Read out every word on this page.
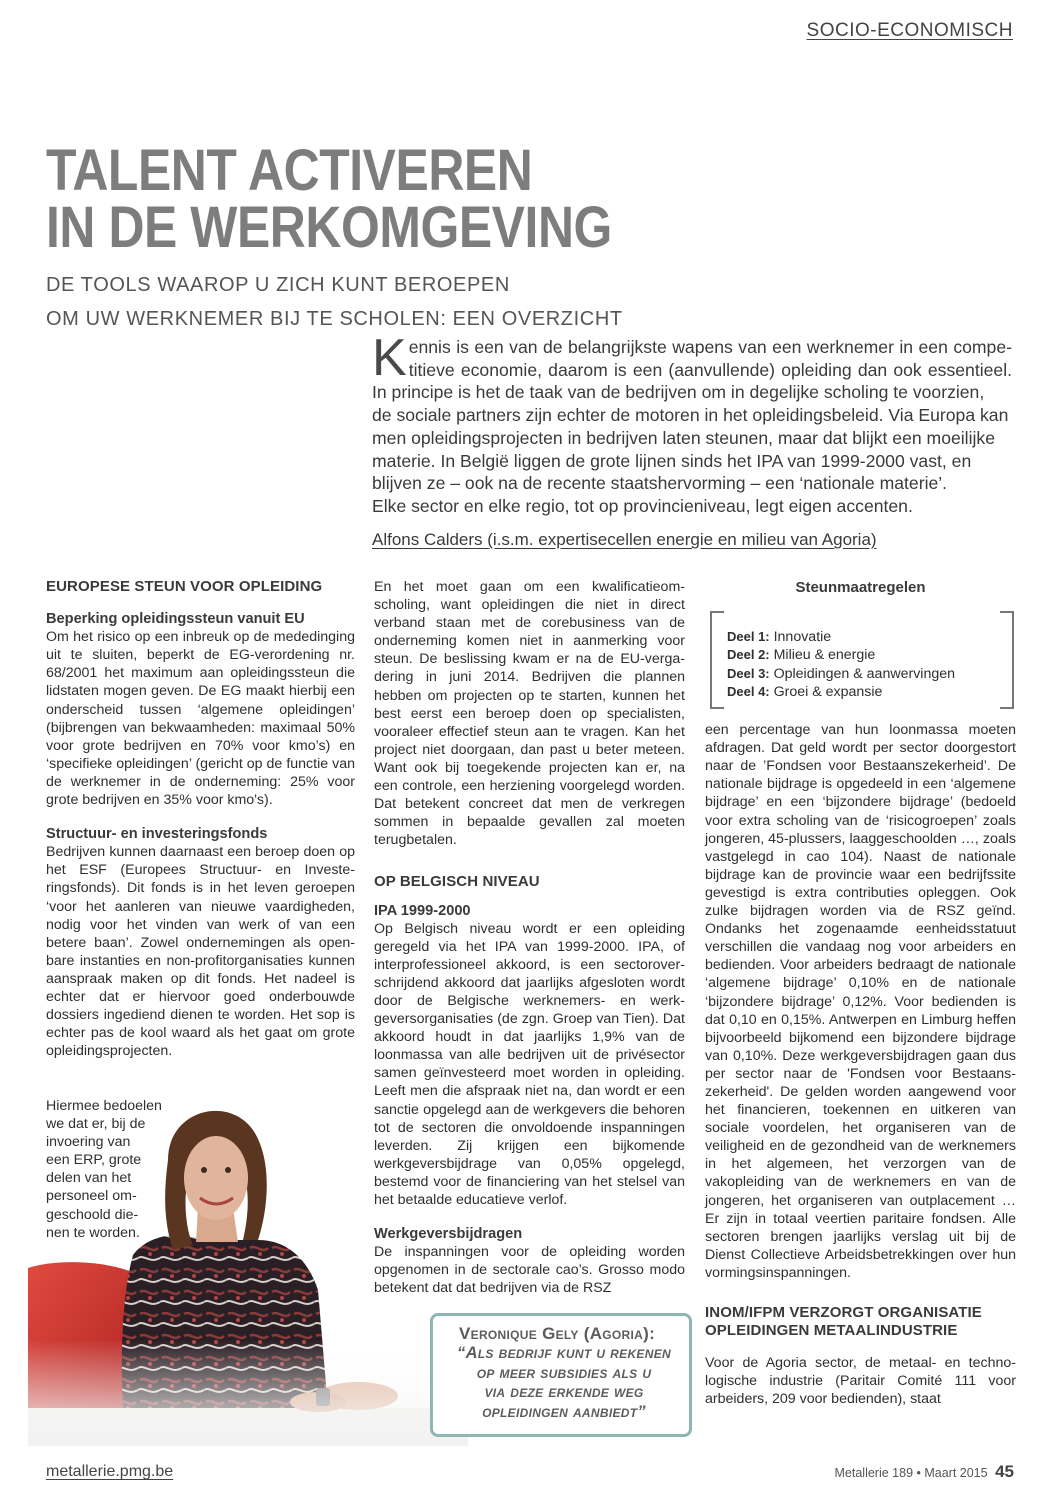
SOCIO-ECONOMISCH
TALENT ACTIVEREN
IN DE WERKOMGEVING
DE TOOLS WAAROP U ZICH KUNT BEROEPEN
OM UW WERKNEMER BIJ TE SCHOLEN: EEN OVERZICHT
K ennis is een van de belangrijkste wapens van een werknemer in een compe-
titieve economie, daarom is een (aanvullende) opleiding dan ook essentieel.
In principe is het de taak van de bedrijven om in degelijke scholing te voorzien,
de sociale partners zijn echter de motoren in het opleidingsbeleid. Via Europa kan
men opleidingsprojecten in bedrijven laten steunen, maar dat blijkt een moeilijke
materie. In België liggen de grote lijnen sinds het IPA van 1999-2000 vast, en
blijven ze – ook na de recente staatshervorming – een ‘nationale materie’.
Elke sector en elke regio, tot op provincieniveau, legt eigen accenten.
Alfons Calders (i.s.m. expertisecellen energie en milieu van Agoria)
EUROPESE STEUN VOOR OPLEIDING
Beperking opleidingssteun vanuit EU

Om het risico op een inbreuk op de mededinging uit te sluiten, beperkt de EG-verordening nr. 68/2001 het maximum aan opleidingssteun die lidstaten mogen geven. De EG maakt hierbij een onderscheid tussen ‘algemene opleidingen’ (bijbrengen van bekwaamheden: maximaal 50% voor grote bedrijven en 70% voor kmo’s) en ‘specifieke opleidingen’ (gericht op de functie van de werknemer in de onderneming: 25% voor grote bedrijven en 35% voor kmo's).

Structuur- en investeringsfonds

Bedrijven kunnen daarnaast een beroep doen op het ESF (Europees Structuur- en Investeringsfonds). Dit fonds is in het leven geroepen ‘voor het aanleren van nieuwe vaardigheden, nodig voor het vinden van werk of van een betere baan’. Zowel ondernemingen als openbare instanties en non-profitorganisaties kunnen aanspraak maken op dit fonds. Het nadeel is echter dat er hiervoor goed onderbouwde dossiers ingediend dienen te worden. Het sop is echter pas de kool waard als het gaat om grote opleidingsprojecten.

Hiermee bedoelen
we dat er, bij de
invoering van
een ERP, grote
delen van het
personeel om-
geschoold die-
nen te worden.

En het moet gaan om een kwalificatieomscholing, want opleidingen die niet in direct verband staan met de corebusiness van de onderneming komen niet in aanmerking voor steun. De beslissing kwam er na de EU-vergadering in juni 2014. Bedrijven die plannen hebben om projecten op te starten, kunnen het best eerst een beroep doen op specialisten, vooraleer effectief steun aan te vragen. Kan het project niet doorgaan, dan past u beter meteen. Want ook bij toegekende projecten kan er, na een controle, een herziening voorgelegd worden. Dat betekent concreet dat men de verkregen sommen in bepaalde gevallen zal moeten terugbetalen.

OP BELGISCH NIVEAU
IPA 1999-2000

Op Belgisch niveau wordt er een opleiding geregeld via het IPA van 1999-2000. IPA, of interprofessioneel akkoord, is een sectoroverschrijdend akkoord dat jaarlijks afgesloten wordt door de Belgische werknemers- en werkgeversorganisaties (de zgn. Groep van Tien). Dat akkoord houdt in dat jaarlijks 1,9% van de loonmassa van alle bedrijven uit de privésector samen geïnvesteerd moet worden in opleiding. Leeft men die afspraak niet na, dan wordt er een sanctie opgelegd aan de werkgevers die behoren tot de sectoren die onvoldoende inspanningen leverden. Zij krijgen een bijkomende werkgeversbijdrage van 0,05% opgelegd, bestemd voor de financiering van het stelsel van het betaalde educatieve verlof.

Werkgeversbijdragen

De inspanningen voor de opleiding worden opgenomen in de sectorale cao’s. Grosso modo betekent dat dat bedrijven via de RSZ

Steunmaatregelen
Deel 1: Innovatie
Deel 2: Milieu & energie
Deel 3: Opleidingen & aanwervingen
Deel 4: Groei & expansie

een percentage van hun loonmassa moeten afdragen. Dat geld wordt per sector doorgestort naar de ’Fondsen voor Bestaanszekerheid’. De nationale bijdrage is opgedeeld in een ‘algemene bijdrage’ en een ‘bijzondere bijdrage’ (bedoeld voor extra scholing van de ‘risicogroepen’ zoals jongeren, 45-plussers, laaggeschoolden …, zoals vastgelegd in cao 104). Naast de nationale bijdrage kan de provincie waar een bedrijfssite gevestigd is extra contributies opleggen. Ook zulke bijdragen worden via de RSZ geïnd. Ondanks het zogenaamde eenheidsstatuut verschillen die vandaag nog voor arbeiders en bedienden. Voor arbeiders bedraagt de nationale ‘algemene bijdrage’ 0,10% en de nationale ‘bijzondere bijdrage’ 0,12%. Voor bedienden is dat 0,10 en 0,15%. Antwerpen en Limburg heffen bijvoorbeeld bijkomend een bijzondere bijdrage van 0,10%. Deze werkgeversbijdragen gaan dus per sector naar de 'Fondsen voor Bestaanszekerheid'. De gelden worden aangewend voor het financieren, toekennen en uitkeren van sociale voordelen, het organiseren van de veiligheid en de gezondheid van de werknemers in het algemeen, het verzorgen van de vakopleiding van de werknemers en van de jongeren, het organiseren van outplacement … Er zijn in totaal veertien paritaire fondsen. Alle sectoren brengen jaarlijks verslag uit bij de Dienst Collectieve Arbeidsbetrekkingen over hun vormingsinspanningen.

INOM/IFPM VERZORGT ORGANISATIE
OPLEIDINGEN METAALINDUSTRIE

Voor de Agoria sector, de metaal- en technologische industrie (Paritair Comité 111 voor arbeiders, 209 voor bedienden), staat

Veronique Gely (Agoria):
“Als bedrijf kunt u rekenen
op meer subsidies als u
via deze erkende weg
opleidingen aanbiedt”
metallerie.pmg.be	Metallerie 189 • Maart 2015 45
